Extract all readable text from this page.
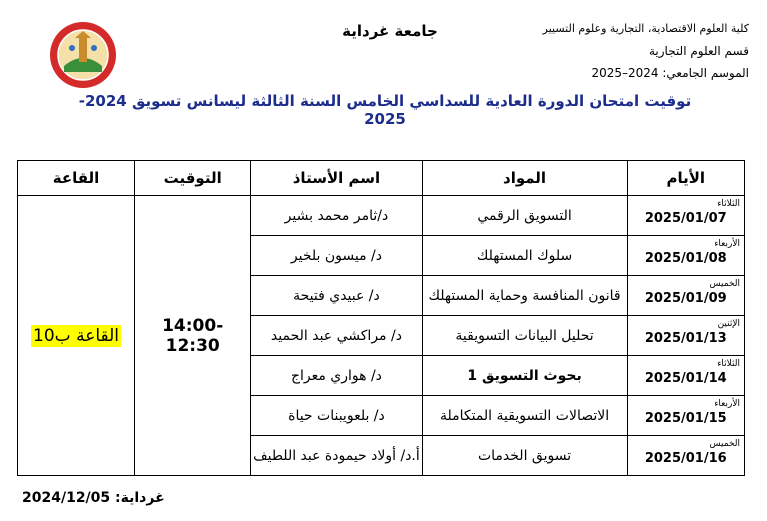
كلية العلوم الاقتصادية، التجارية وعلوم التسيير
قسم العلوم التجارية
الموسم الجامعي: 2024–2025
جامعة غرداية
توقيت امتحان الدورة العادية للسداسي الخامس السنة الثالثة ليسانس تسويق 2024-2025
الأيام	المواد	اسم الأستاذ	التوقيت	القاعة

الثلاثاء
2025/01/07	التسويق الرقمي	د/ثامر محمد بشير	14:00-12:30	القاعة ب10

الأربعاء
2025/01/08	سلوك المستهلك	د/ ميسون بلخير		

الخميس
2025/01/09	قانون المنافسة وحماية المستهلك	د/ عبيدي فتيحة		

الإثنين
2025/01/13	تحليل البيانات التسويقية	د/ مراكشي عبد الحميد		

الثلاثاء
2025/01/14	بحوث التسويق 1	د/ هواري معراج		

الأربعاء
2025/01/15	الاتصالات التسويقية المتكاملة	د/ بلعويبنات حياة		

الخميس
2025/01/16	تسويق الخدمات	أ.د/ أولاد حيمودة عبد اللطيف		
غرداية: 2024/12/05
